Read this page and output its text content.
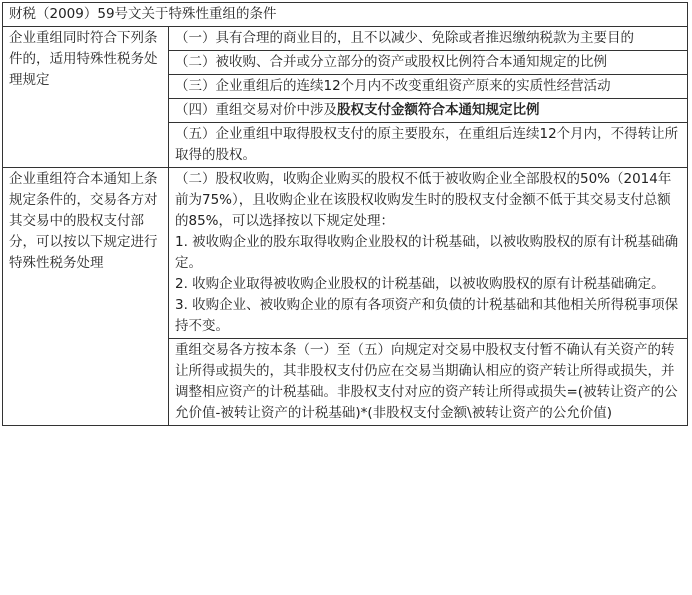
财税（2009）59号文关于特殊性重组的条件	
企业重组同时符合下列条件的，适用特殊性税务处理规定	（一）具有合理的商业目的，且不以减少、免除或者推迟缴纳税款为主要目的
	（二）被收购、合并或分立部分的资产或股权比例符合本通知规定的比例
	（三）企业重组后的连续12个月内不改变重组资产原来的实质性经营活动
	（四）重组交易对价中涉及股权支付金额符合本通知规定比例
	（五）企业重组中取得股权支付的原主要股东，在重组后连续12个月内，不得转让所取得的股权。
企业重组符合本通知上条规定条件的，交易各方对其交易中的股权支付部分，可以按以下规定进行特殊性税务处理	（二）股权收购，收购企业购买的股权不低于被收购企业全部股权的50%（2014年前为75%），且收购企业在该股权收购发生时的股权支付金额不低于其交易支付总额的85%，可以选择按以下规定处理：
1. 被收购企业的股东取得收购企业股权的计税基础，以被收购股权的原有计税基础确定。
2. 收购企业取得被收购企业股权的计税基础，以被收购股权的原有计税基础确定。
3. 收购企业、被收购企业的原有各项资产和负债的计税基础和其他相关所得税事项保持不变。

	重组交易各方按本条（一）至（五）向规定对交易中股权支付暂不确认有关资产的转让所得或损失的，其非股权支付仍应在交易当期确认相应的资产转让所得或损失，并调整相应资产的计税基础。非股权支付对应的资产转让所得或损失=(被转让资产的公允价值-被转让资产的计税基础)*(非股权支付金额\被转让资产的公允价值)
